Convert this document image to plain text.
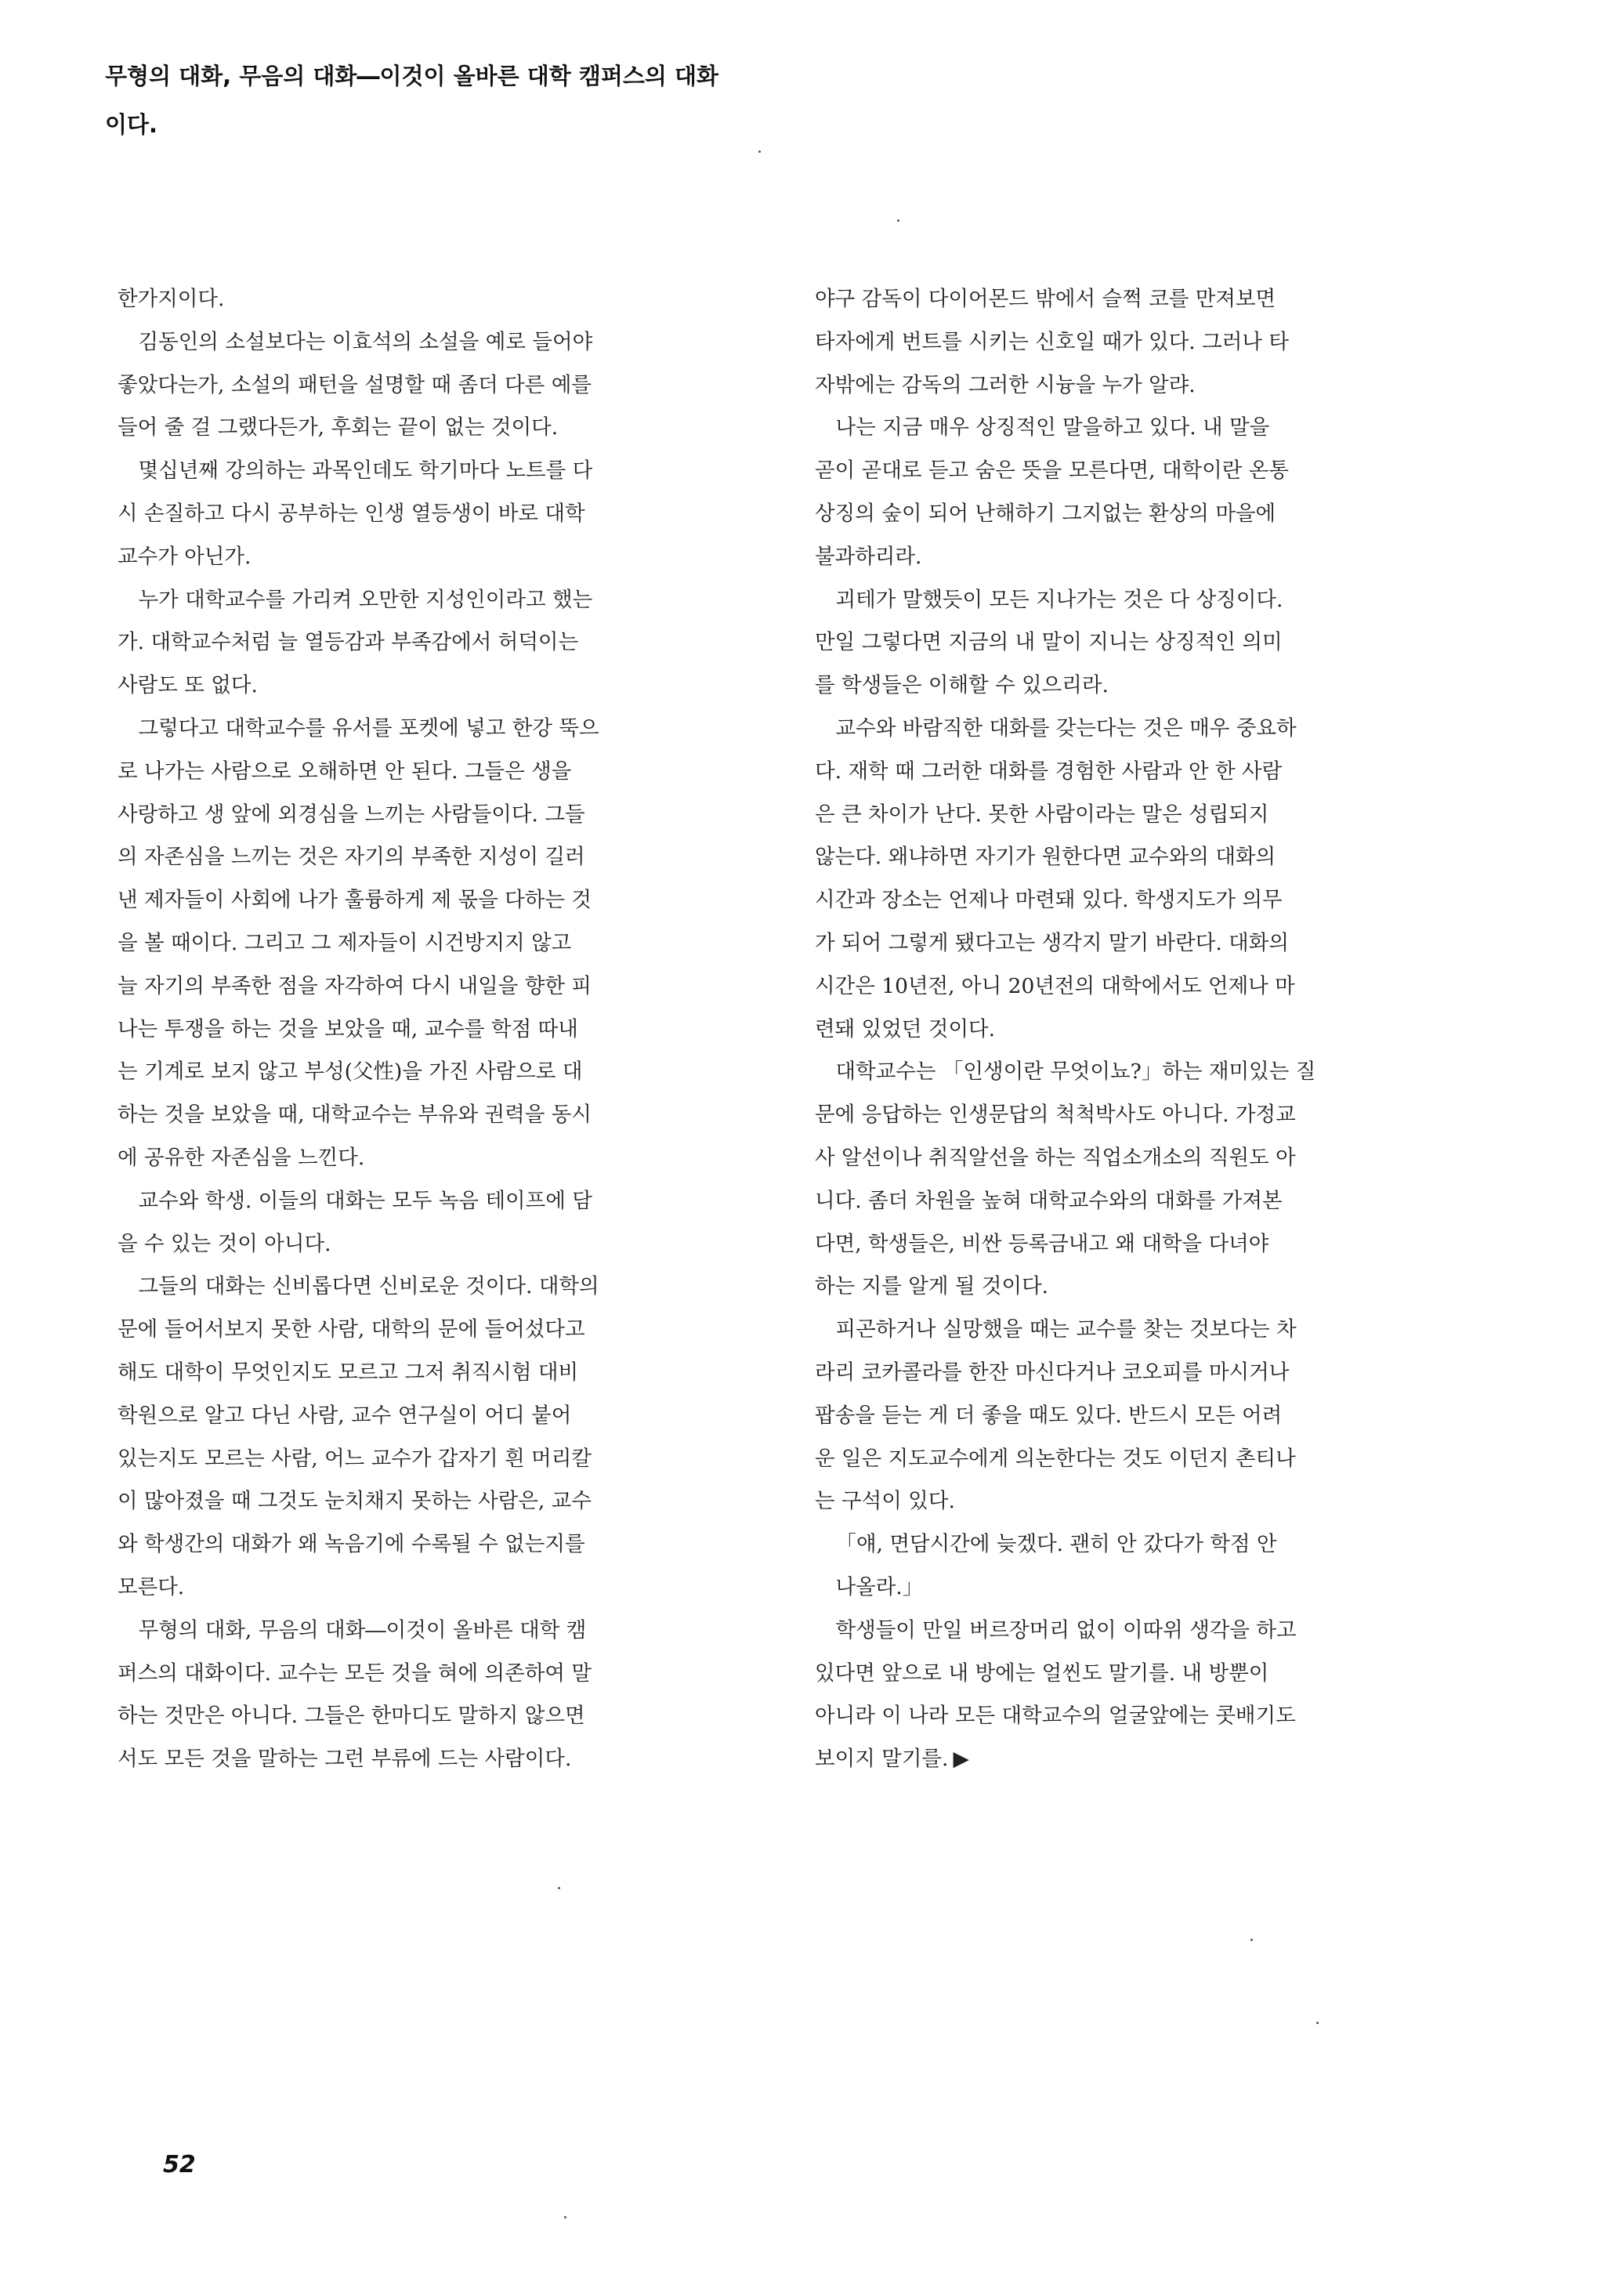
무형의 대화, 무음의 대화―이것이 올바른 대학 캠퍼스의 대화
이다.

한가지이다.

김동인의 소설보다는 이효석의 소설을 예로 들어야

좋았다는가, 소설의 패턴을 설명할 때 좀더 다른 예를

들어 줄 걸 그랬다든가, 후회는 끝이 없는 것이다.

몇십년째 강의하는 과목인데도 학기마다 노트를 다

시 손질하고 다시 공부하는 인생 열등생이 바로 대학

교수가 아닌가.

누가 대학교수를 가리켜 오만한 지성인이라고 했는

가. 대학교수처럼 늘 열등감과 부족감에서 허덕이는

사람도 또 없다.

그렇다고 대학교수를 유서를 포켓에 넣고 한강 뚝으

로 나가는 사람으로 오해하면 안 된다. 그들은 생을

사랑하고 생 앞에 외경심을 느끼는 사람들이다. 그들

의 자존심을 느끼는 것은 자기의 부족한 지성이 길러

낸 제자들이 사회에 나가 훌륭하게 제 몫을 다하는 것

을 볼 때이다. 그리고 그 제자들이 시건방지지 않고

늘 자기의 부족한 점을 자각하여 다시 내일을 향한 피

나는 투쟁을 하는 것을 보았을 때, 교수를 학점 따내

는 기계로 보지 않고 부성(父性)을 가진 사람으로 대

하는 것을 보았을 때, 대학교수는 부유와 권력을 동시

에 공유한 자존심을 느낀다.

교수와 학생. 이들의 대화는 모두 녹음 테이프에 담

을 수 있는 것이 아니다.

그들의 대화는 신비롭다면 신비로운 것이다. 대학의

문에 들어서보지 못한 사람, 대학의 문에 들어섰다고

해도 대학이 무엇인지도 모르고 그저 취직시험 대비

학원으로 알고 다닌 사람, 교수 연구실이 어디 붙어

있는지도 모르는 사람, 어느 교수가 갑자기 흰 머리칼

이 많아졌을 때 그것도 눈치채지 못하는 사람은, 교수

와 학생간의 대화가 왜 녹음기에 수록될 수 없는지를

모른다.

무형의 대화, 무음의 대화―이것이 올바른 대학 캠

퍼스의 대화이다. 교수는 모든 것을 혀에 의존하여 말

하는 것만은 아니다. 그들은 한마디도 말하지 않으면

서도 모든 것을 말하는 그런 부류에 드는 사람이다.

야구 감독이 다이어몬드 밖에서 슬쩍 코를 만져보면

타자에게 번트를 시키는 신호일 때가 있다. 그러나 타

자밖에는 감독의 그러한 시늉을 누가 알랴.

나는 지금 매우 상징적인 말을하고 있다. 내 말을

곧이 곧대로 듣고 숨은 뜻을 모른다면, 대학이란 온통

상징의 숲이 되어 난해하기 그지없는 환상의 마을에

불과하리라.

괴테가 말했듯이 모든 지나가는 것은 다 상징이다.

만일 그렇다면 지금의 내 말이 지니는 상징적인 의미

를 학생들은 이해할 수 있으리라.

교수와 바람직한 대화를 갖는다는 것은 매우 중요하

다. 재학 때 그러한 대화를 경험한 사람과 안 한 사람

은 큰 차이가 난다. 못한 사람이라는 말은 성립되지

않는다. 왜냐하면 자기가 원한다면 교수와의 대화의

시간과 장소는 언제나 마련돼 있다. 학생지도가 의무

가 되어 그렇게 됐다고는 생각지 말기 바란다. 대화의

시간은 10년전, 아니 20년전의 대학에서도 언제나 마

련돼 있었던 것이다.

대학교수는 「인생이란 무엇이뇨?」하는 재미있는 질

문에 응답하는 인생문답의 척척박사도 아니다. 가정교

사 알선이나 취직알선을 하는 직업소개소의 직원도 아

니다. 좀더 차원을 높혀 대학교수와의 대화를 가져본

다면, 학생들은, 비싼 등록금내고 왜 대학을 다녀야

하는 지를 알게 될 것이다.

피곤하거나 실망했을 때는 교수를 찾는 것보다는 차

라리 코카콜라를 한잔 마신다거나 코오피를 마시거나

팝송을 듣는 게 더 좋을 때도 있다. 반드시 모든 어려

운 일은 지도교수에게 의논한다는 것도 이던지 촌티나

는 구석이 있다.

「얘, 면담시간에 늦겠다. 괜히 안 갔다가 학점 안

나올라.」

학생들이 만일 버르장머리 없이 이따위 생각을 하고

있다면 앞으로 내 방에는 얼씬도 말기를. 내 방뿐이

아니라 이 나라 모든 대학교수의 얼굴앞에는 콧배기도

보이지 말기를. ▶

52
